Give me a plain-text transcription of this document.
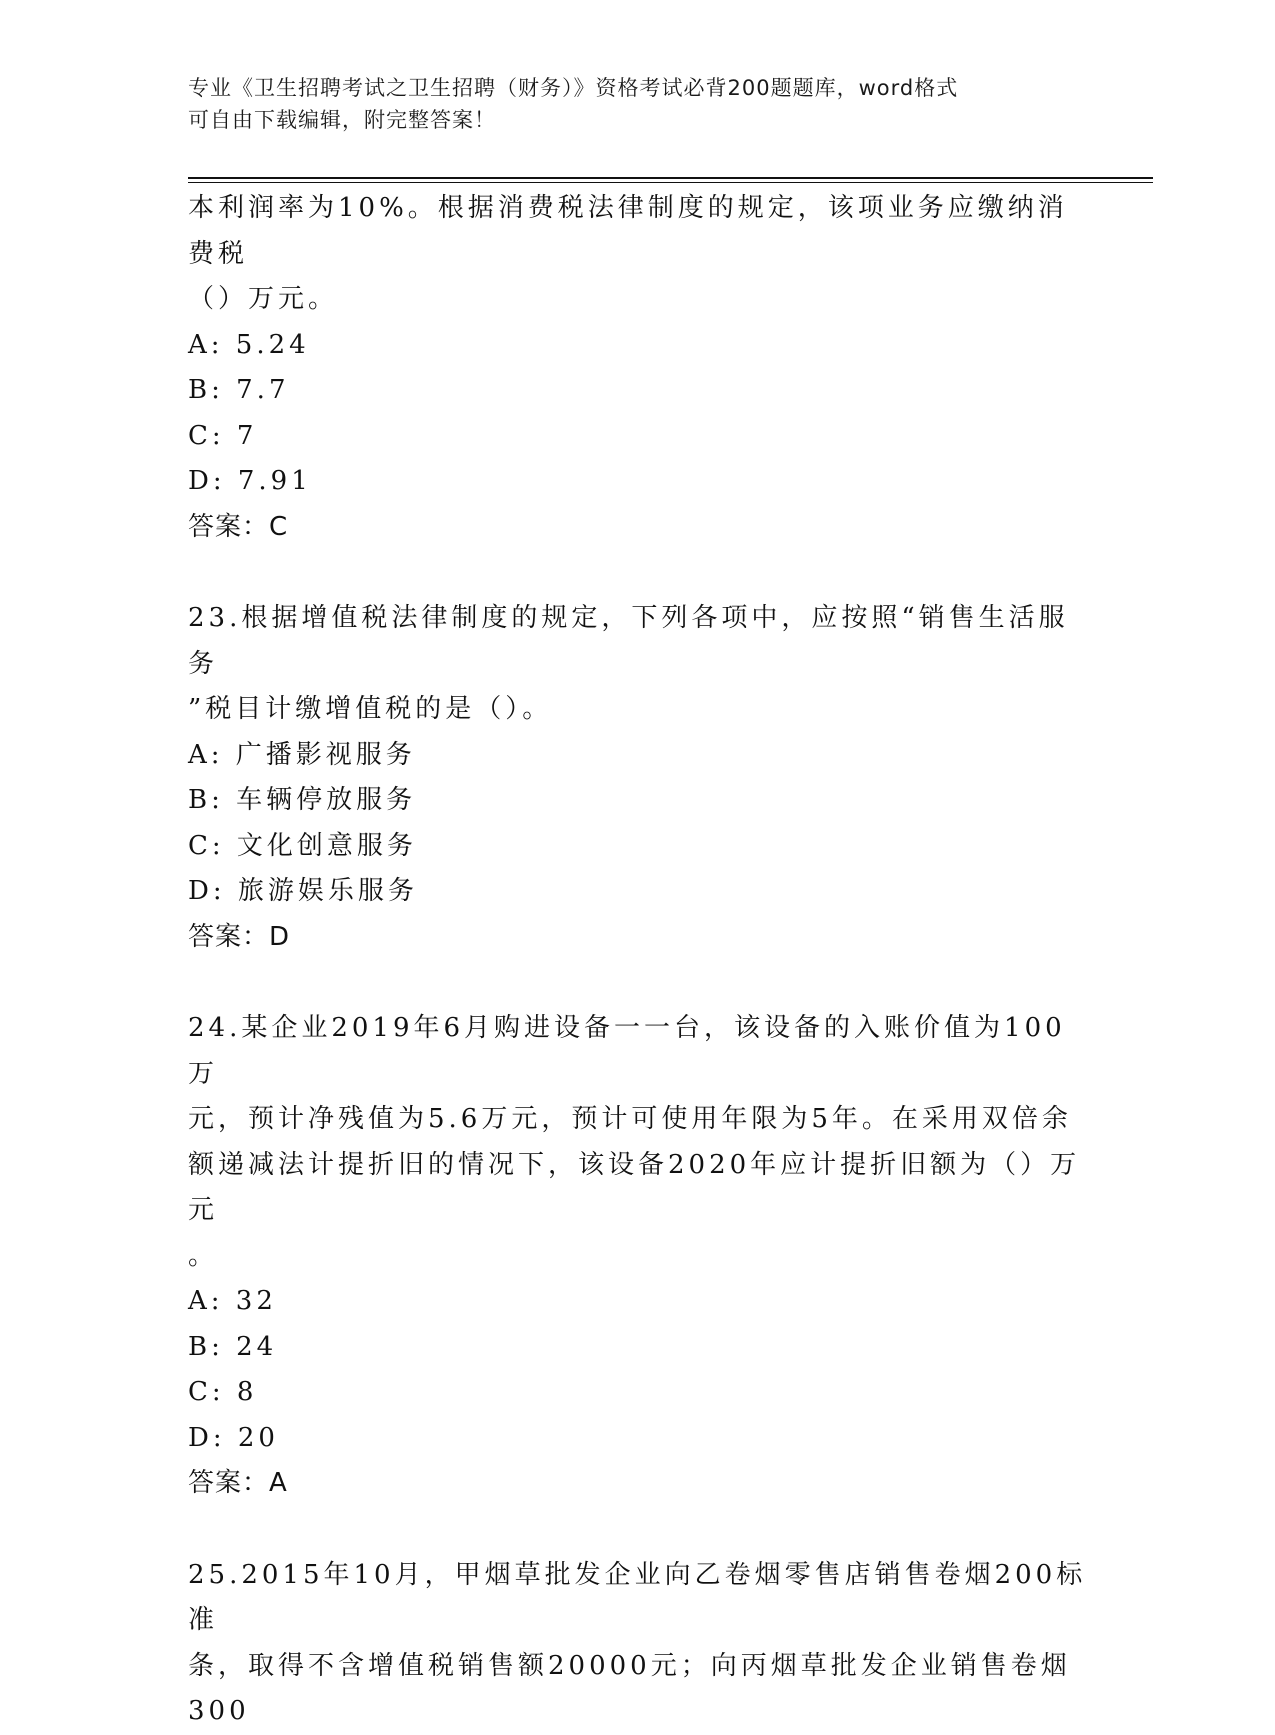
专业《卫生招聘考试之卫生招聘（财务）》资格考试必背200题题库，word格式
可自由下载编辑，附完整答案！

本利润率为10%。根据消费税法律制度的规定，该项业务应缴纳消费税

（）万元。

A: 5.24

B: 7.7

C: 7

D: 7.91

答案：C

23.根据增值税法律制度的规定，下列各项中，应按照“销售生活服务

”税目计缴增值税的是（）。

A: 广播影视服务

B: 车辆停放服务

C: 文化创意服务

D: 旅游娱乐服务

答案：D

24.某企业2019年6月购进设备一一台，该设备的入账价值为100万

元，预计净残值为5.6万元，预计可使用年限为5年。在采用双倍余

额递减法计提折旧的情况下，该设备2020年应计提折旧额为（）万元

。

A: 32

B: 24

C: 8

D: 20

答案：A

25.2015年10月，甲烟草批发企业向乙卷烟零售店销售卷烟200标准

条，取得不含增值税销售额20000元；向丙烟草批发企业销售卷烟300
